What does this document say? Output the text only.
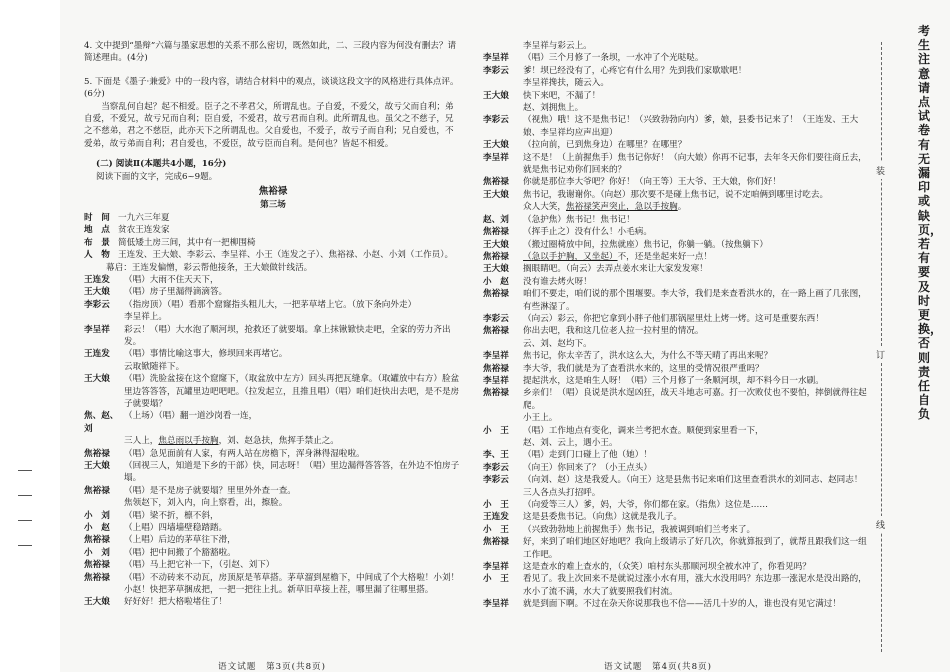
4. 文中提到“墨辩”六篇与墨家思想的关系不那么密切，既然如此，二、三段内容为何没有删去？请简述理由。(4分)

5. 下面是《墨子·兼爱》中的一段内容，请结合材料中的观点，谈谈这段文字的风格进行具体点评。(6分)

当察乱何自起？起不相爱。臣子之不孝君父，所谓乱也。子自爱，不爱父，故亏父而自利；弟自爱，不爱兄，故亏兄而自利；臣自爱，不爱君，故亏君而自利。此所谓乱也。虽父之不慈子，兄之不慈弟，君之不慈臣，此亦天下之所谓乱也。父自爱也，不爱子，故亏子而自利；兄自爱也，不爱弟，故亏弟而自利；君自爱也，不爱臣，故亏臣而自利。是何也？皆起不相爱。

(二) 阅读Ⅱ(本题共4小题，16分)

阅读下面的文字，完成6~9题。

焦裕禄

第三场

时　间 一九六三年夏
地　点 贫农王连发家
布　景 简低矮土房三间，其中有一把柳围椅
人　物 王连发、王大娘、李彩云、李呈祥、小王（连发之子）、焦裕禄、小赵、小刘（工作员）。

幕启：王连发偏憎，彩云帮他接条，王大娘做针线活。

王连发	（唱）大雨不住天天下，
王大娘	（唱）房子里漏得滴滴答。
李彩云	（指房顶）（唱）看那个窟窿指头粗儿大，一把茅草堵上它。（放下条向外走）
李呈祥上。
李呈祥	彩云！（唱）大水泡了顺河坝，抢救还了就要塌。拿上抹锹锨快走吧，全家的劳力齐出发。
王连发	（唱）事情比喻这事大，修坝回来再堵它。
云取锨随祥下。
王大娘	（唱）洗脸盆接在这个窟窿下，（取盆放中左方）回头再把瓦缝拿。（取罐放中右方）脸盆里边答答答，瓦罐里边吧吧吧。（拉发起立，且推且唱）（唱）咱们赶快出去吧，是不是房子就要塌？
焦、赵、刘
（上场）（唱）翻一道沙岗看一连，
三人上，焦总雨以手按胸，刘、赵急扶，焦挥手禁止之。
焦裕禄	（唱）急见面前有人家，有两人站在房檐下，浑身淋得湿啦啦。
王大娘	（回视三人，知道是下乡的干部）快，同志呀！（唱）里边漏得答答答，在外边不怕房子塌。
焦裕禄	（唱）是不是房子就要塌？里里外外查一查。
焦领赵下，刘入内，向上察看，出，擦脸。
小　刘	（唱）梁不折，檩不斜，
小　赵	（上唱）四墙墙壁稳踏踏。
焦裕禄	（上唱）后边的茅草往下滑，
小　刘	（唱）把中间搬了个豁豁啦。
焦裕禄	（唱）马上把它补一下，（引赵、刘下）
焦裕禄	（唱）不动砖来不动瓦，房顶原是苇草搭。茅草溜到屋檐下，中间成了个大格啦！小刘！小赵！快把茅草捆成把，一把一把往上扎。新草旧草接上茬，哪里漏了往哪里搭。
王大娘	好好好！把大格啦堵住了！
语文试题　第3页(共8页)
李呈祥与彩云上。
李呈祥	（唱）三个月修了一条坝，一水冲了个光哒哒。
李彩云	爹！坝已经没有了，心疼它有什么用？先到我们家歇歇吧！
李呈祥搀扶，随云入。
王大娘	快下来吧，不漏了！
赵、刘拥焦上。
李彩云	（视焦）哦！这不是焦书记！（兴致勃勃向内）爹，娘，县委书记来了！（王连发、王大娘、李呈祥均应声出迎）
王大娘	（拉向前，已到焦身边）在哪里？在哪里？
李呈祥	这不是！（上前握焦手）焦书记你好！（向大娘）你再不记事，去年冬天你们要往商丘去，就是焦书记劝你们回来的？
焦裕禄	你就是那位李大爷吧？你好！（向王等）王大爷、王大娘，你们好！
王大娘	焦书记，我谢谢你。（向赵）那次要不是碰上焦书记，说不定咱俩到哪里讨吃去。
众人大笑，焦裕禄笑声突止，急以手按胸。
赵、刘	（急护焦）焦书记！焦书记！
焦裕禄	（挥手止之）没有什么！小毛病。
王大娘	（搬过圈椅放中间，拉焦就座）焦书记，你躺一躺。（按焦躺下）
焦裕禄	（急以手护胸，又坐起）不，还是坐起来好一点！
王大娘	搁眼睛吧。（向云）去弄点姜水来让大家发发寒！
小　赵	没有谁去烤火呀！
焦裕禄	咱们不要走，咱们说的那个围堰要。李大爷，我们是来查看洪水的，在一路上画了几张图，有些淋湿了。
李彩云	（向云）彩云，你把它拿到小胖子他们那锅屋里灶上烤一烤。这可是重要东西！
焦裕禄	你出去吧，我和这几位老人拉一拉村里的情况。
云、刘、赵均下。
李呈祥	焦书记，你太辛苦了，洪水这么大，为什么不等天晴了再出来呢？
焦裕禄	李大爷，我们就是为了查看洪水来的，这里的受情况很严重吗？
李呈祥	提起洪水，这是咱生人呀！（唱）三个月修了一条顺河坝，却不料今日一水刷。
焦裕禄	乡亲们！（唱）良说是洪水逞凶狂，战天斗地志可嘉。打一次败仗也不要怕，摔倒就得往起爬。
小王上。
小　王	（唱）工作地点有变化，调来兰考把水查。顺便到家里看一下，
赵、刘、云上，遇小王。
李、王	（唱）走到门口碰上了他（她）！
李彩云	（向王）你回来了？（小王点头）
李彩云	（向刘、赵）这是我爱人。（向王）这是县焦书记来咱们这里查看洪水的刘同志、赵同志！
三人各点头打招呼。
小　王	（向爱等三人）爹，妈，大爷，你们都在家。（指焦）这位是……
王连发	这是县委焦书记。（向焦）这就是我儿子。
小　王	（兴致勃勃地上前握焦手）焦书记，我被调到咱们兰考来了。
焦裕禄	好，来到了咱们地区好地吧？我向上级请示了好几次，你就算报到了，就帮且跟我们这一组工作吧。
李呈祥	这是查水的难上查水的，（众笑）咱村东头那顺河坝全被水冲了，你看见吗？
小　王	看见了。我上次回来不是就说过涨小水有用，涨大水没用吗？东边那一涨泥水是没出路的，水小了流不满，水大了就要照我们村流。
李呈祥	就是到面下啊。不过在杂天你说那我也不信——活几十岁的人，谁也没有见它满过！
语文试题　第4页(共8页)
装
订
线
考生注意请点试卷有无漏印或缺页，若有要及时更换，否则责任自负
